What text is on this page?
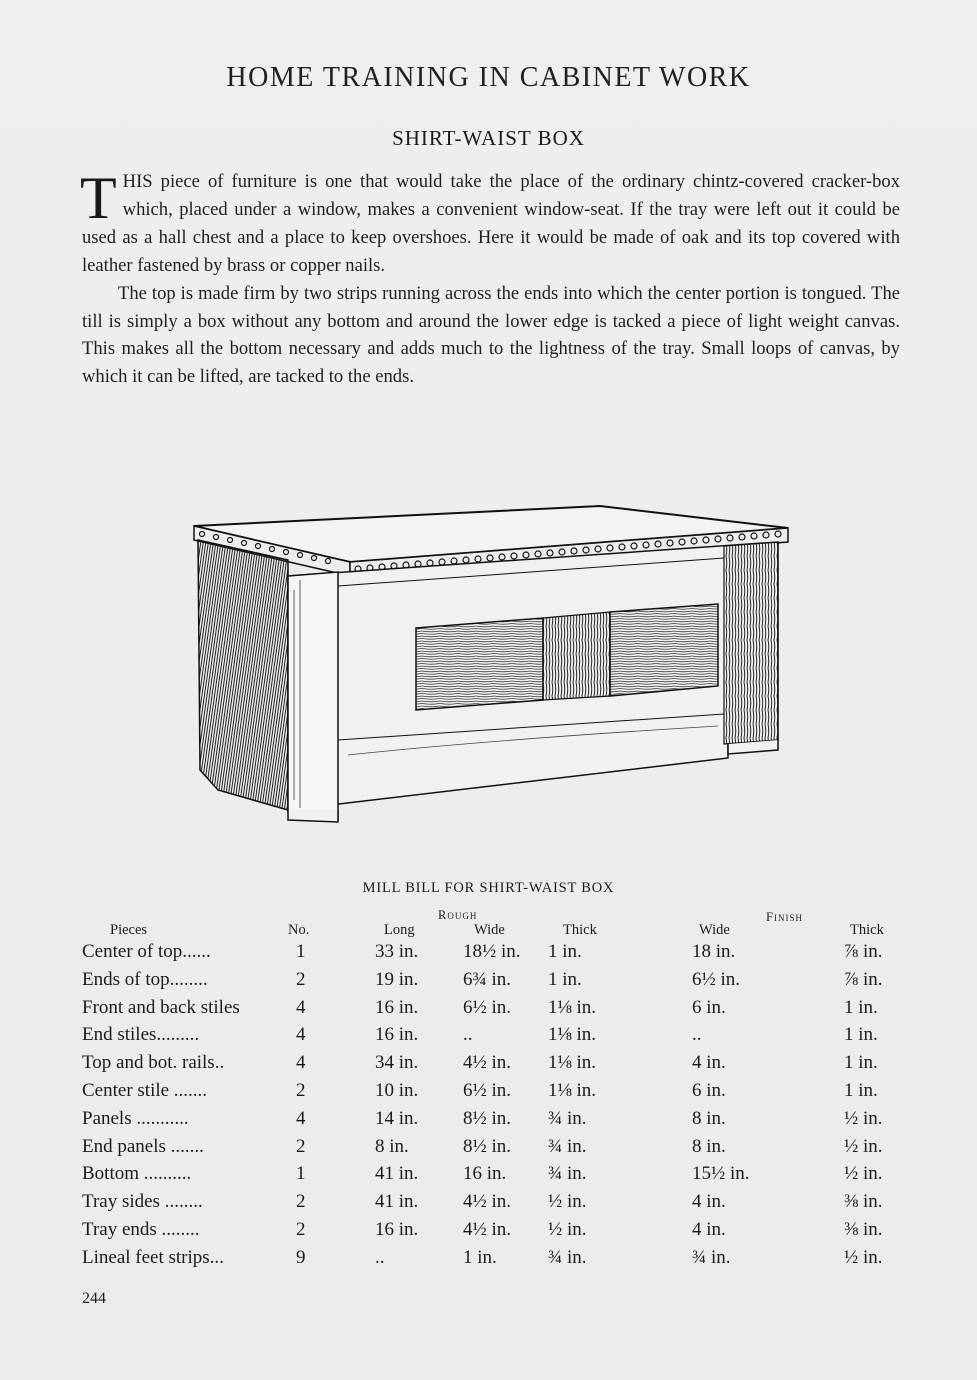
HOME TRAINING IN CABINET WORK
SHIRT-WAIST BOX

THIS piece of furniture is one that would take the place of the ordinary chintz-covered cracker-box which, placed under a window, makes a convenient window-seat. If the tray were left out it could be used as a hall chest and a place to keep overshoes. Here it would be made of oak and its top covered with leather fastened by brass or copper nails.

The top is made firm by two strips running across the ends into which the center portion is tongued. The till is simply a box without any bottom and around the lower edge is tacked a piece of light weight canvas. This makes all the bottom necessary and adds much to the lightness of the tray. Small loops of canvas, by which it can be lifted, are tacked to the ends.

MILL BILL FOR SHIRT-WAIST BOX
Rough	Finish
Pieces	No.	Long	Wide	Thick	Wide	Thick
Center of top......	1	33 in. 18½ in. 1 in.	18 in.	⅞ in.
Ends of top........	2	19 in. 6¾ in. 1 in.	6½ in.	⅞ in.
Front and back stiles	4	16 in. 6½ in. 1⅛ in.	6 in.	1 in.
End stiles.........	4	16 in. ..	1⅛ in.	..	1 in.
Top and bot. rails..	4	34 in. 4½ in. 1⅛ in.	4 in.	1 in.
Center stile .......	2	10 in. 6½ in. 1⅛ in.	6 in.	1 in.
Panels ...........	4	14 in. 8½ in. ¾ in.	8 in.	½ in.
End panels .......	2	8 in.	8½ in. ¾ in.	8 in.	½ in.
Bottom ..........	1	41 in. 16 in. ¾ in.	15½ in.	½ in.
Tray sides ........	2	41 in. 4½ in. ½ in.	4 in.	⅜ in.
Tray ends ........	2	16 in. 4½ in. ½ in.	4 in.	⅜ in.
Lineal feet strips...	9	..	1 in.	¾ in.	¾ in.	½ in.
244
